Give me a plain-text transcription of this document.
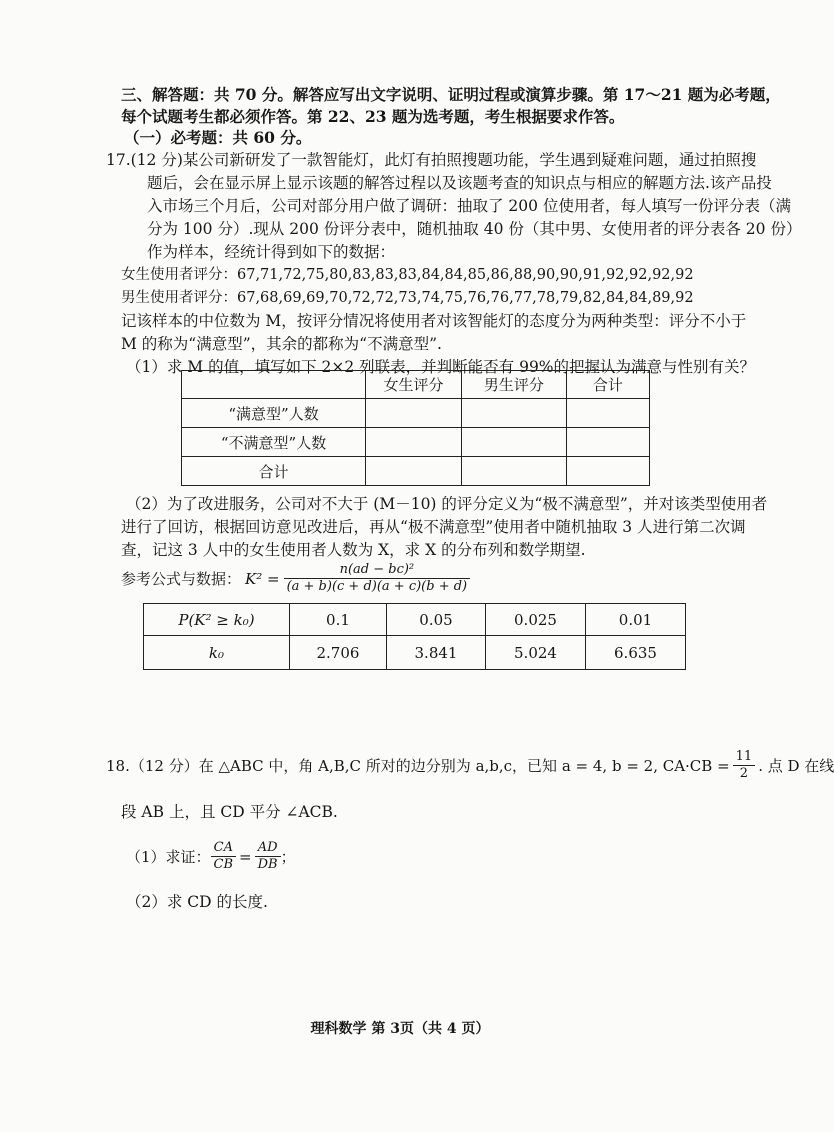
三、解答题：共 70 分。解答应写出文字说明、证明过程或演算步骤。第 17～21 题为必考题，
每个试题考生都必须作答。第 22、23 题为选考题，考生根据要求作答。
（一）必考题：共 60 分。
17.(12 分)某公司新研发了一款智能灯，此灯有拍照搜题功能，学生遇到疑难问题，通过拍照搜
题后，会在显示屏上显示该题的解答过程以及该题考查的知识点与相应的解题方法.该产品投
入市场三个月后，公司对部分用户做了调研：抽取了 200 位使用者，每人填写一份评分表（满
分为 100 分）.现从 200 份评分表中，随机抽取 40 份（其中男、女使用者的评分表各 20 份）
作为样本，经统计得到如下的数据：
女生使用者评分：67,71,72,75,80,83,83,83,84,84,85,86,88,90,90,91,92,92,92,92
男生使用者评分：67,68,69,69,70,72,72,73,74,75,76,76,77,78,79,82,84,84,89,92
记该样本的中位数为 M，按评分情况将使用者对该智能灯的态度分为两种类型：评分不小于
M 的称为“满意型”，其余的都称为“不满意型”.
（1）求 M 的值，填写如下 2×2 列联表，并判断能否有 99%的把握认为满意与性别有关？
	女生评分	男生评分	合计
“满意型”人数			
“不满意型”人数			
合计			
（2）为了改进服务，公司对不大于 (M－10) 的评分定义为“极不满意型”，并对该类型使用者
进行了回访，根据回访意见改进后，再从“极不满意型”使用者中随机抽取 3 人进行第二次调
查，记这 3 人中的女生使用者人数为 X，求 X 的分布列和数学期望.
参考公式与数据： $K^2 = \frac{\text{n(ad − bc)²}}{(a + b)(c + d)(a + c)(b + d)}$
P(K² ≥ k₀)	0.1	0.05	0.025	0.01
k₀	2.706	3.841	5.024	6.635
18.（12 分）在 △ABC 中，角 A,B,C 所对的边分别为 a,b,c，已知 a = 4, b = 2, $CA\cdot CB = \frac{11}{2}$ . 点 D 在线
段 AB 上，且 CD 平分 ∠ACB.
（1）求证： $\frac{CA}{CB} = \frac{AD}{DB}$ ；
（2）求 CD 的长度.
理科数学 第 3页（共 4 页）
